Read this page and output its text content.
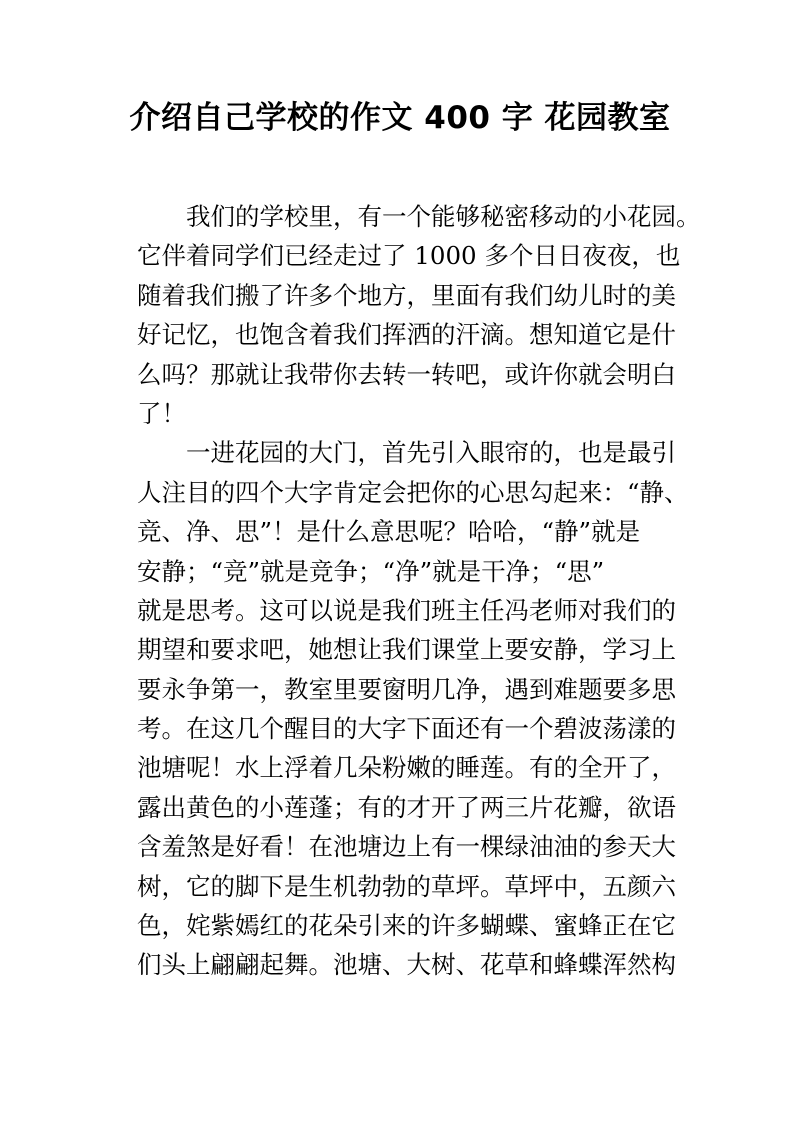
介绍自己学校的作文 400 字 花园教室

我们的学校里，有一个能够秘密移动的小花园。
它伴着同学们已经走过了 1000 多个日日夜夜，也
随着我们搬了许多个地方，里面有我们幼儿时的美
好记忆，也饱含着我们挥洒的汗滴。想知道它是什
么吗？那就让我带你去转一转吧，或许你就会明白
了！

一进花园的大门，首先引入眼帘的，也是最引
人注目的四个大字肯定会把你的心思勾起来：“静、
竞、净、思”！是什么意思呢？哈哈，“静”就是
安静；“竞”就是竞争；“净”就是干净；“思”
就是思考。这可以说是我们班主任冯老师对我们的
期望和要求吧，她想让我们课堂上要安静，学习上
要永争第一，教室里要窗明几净，遇到难题要多思
考。在这几个醒目的大字下面还有一个碧波荡漾的
池塘呢！水上浮着几朵粉嫩的睡莲。有的全开了，
露出黄色的小莲蓬；有的才开了两三片花瓣，欲语
含羞煞是好看！在池塘边上有一棵绿油油的参天大
树，它的脚下是生机勃勃的草坪。草坪中，五颜六
色，姹紫嫣红的花朵引来的许多蝴蝶、蜜蜂正在它
们头上翩翩起舞。池塘、大树、花草和蜂蝶浑然构
